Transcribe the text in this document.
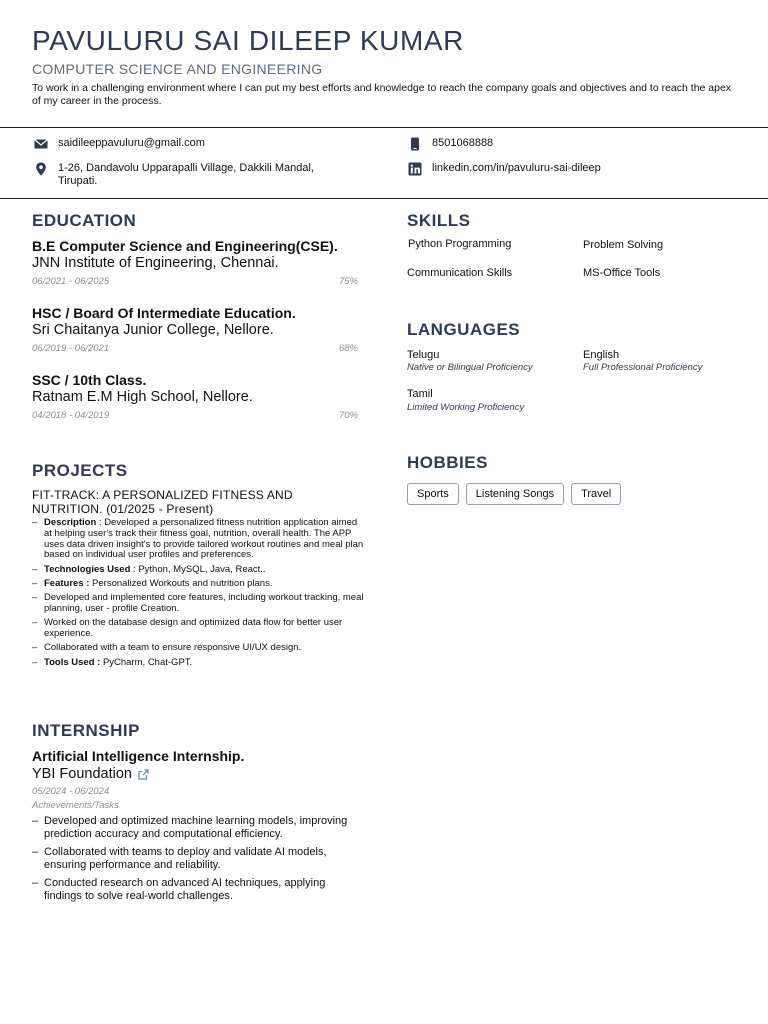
PAVULURU SAI DILEEP KUMAR
COMPUTER SCIENCE AND ENGINEERING
To work in a challenging environment where I can put my best efforts and knowledge to reach the company goals and objectives and to reach the apex of my career in the process.
saidileeppavuluru@gmail.com	8501068888
1-26, Dandavolu Upparapalli Village, Dakkili Mandal, Tirupati.
linkedin.com/in/pavuluru-sai-dileep
EDUCATION
B.E Computer Science and Engineering(CSE).
JNN Institute of Engineering, Chennai.
06/2021 - 06/2025	75%
HSC / Board Of Intermediate Education.
Sri Chaitanya Junior College, Nellore.
06/2019 - 06/2021	68%
SSC / 10th Class.
Ratnam E.M High School, Nellore.
04/2018 - 04/2019	70%
PROJECTS
FIT-TRACK: A PERSONALIZED FITNESS AND NUTRITION. (01/2025 - Present)
– Description : Developed a personalized fitness nutrition application aimed at helping user's track their fitness goal, nutrition, overall health. The APP uses data driven insight's to provide tailored workout routines and meal plan based on individual user profiles and preferences.
– Technologies Used : Python, MySQL, Java, React..
– Features : Personalized Workouts and nutrition plans.
– Developed and implemented core features, including workout tracking, meal planning, user - profile Creation.
– Worked on the database design and optimized data flow for better user experience.
– Collaborated with a team to ensure responsive UI/UX design.
– Tools Used : PyCharm, Chat-GPT.
INTERNSHIP
Artificial Intelligence Internship.
YBI Foundation
05/2024 - 06/2024
Achievements/Tasks
– Developed and optimized machine learning models, improving prediction accuracy and computational efficiency.
– Collaborated with teams to deploy and validate AI models, ensuring performance and reliability.
– Conducted research on advanced AI techniques, applying findings to solve real-world challenges.
SKILLS
Python Programming	Problem Solving
Communication Skills	MS-Office Tools
LANGUAGES
Telugu
Native or Bilingual Proficiency
English
Full Professional Proficiency
Tamil
Limited Working Proficiency
HOBBIES
Sports	Listening Songs	Travel
